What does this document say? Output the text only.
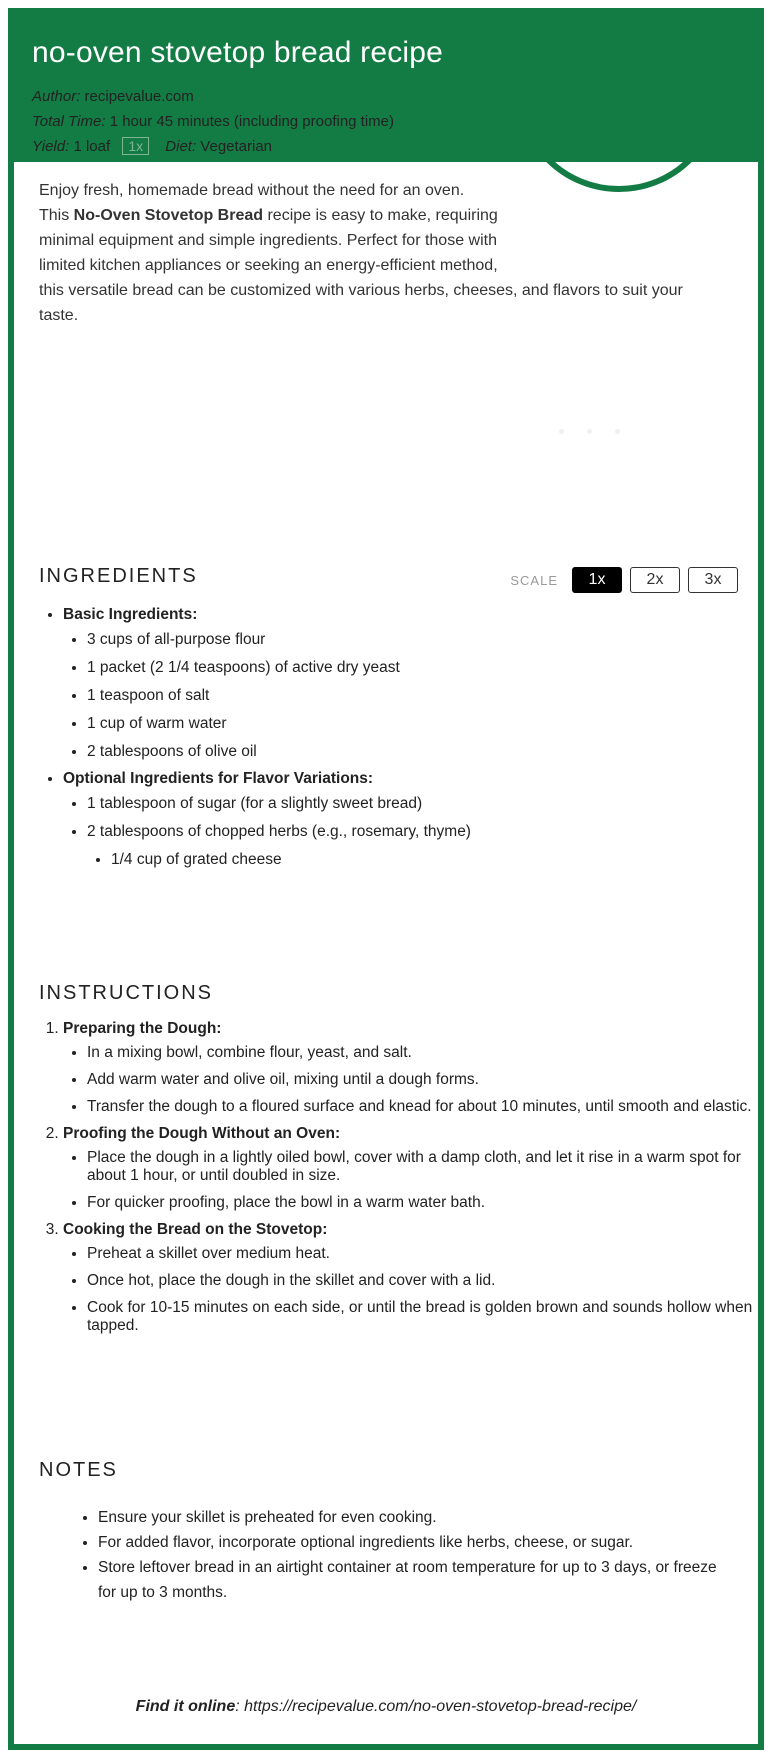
no-oven stovetop bread recipe
Author: recipevalue.com
Total Time: 1 hour 45 minutes (including proofing time)
Yield: 1 loaf 1x Diet: Vegetarian
Enjoy fresh, homemade bread without the need for an oven.
This No-Oven Stovetop Bread recipe is easy to make, requiring
minimal equipment and simple ingredients. Perfect for those with
limited kitchen appliances or seeking an energy-efficient method,
this versatile bread can be customized with various herbs, cheeses, and flavors to suit your taste.
INGREDIENTS	SCALE	1x	2x	3x
• Basic Ingredients:
• 3 cups of all-purpose flour
• 1 packet (2 1/4 teaspoons) of active dry yeast
• 1 teaspoon of salt
• 1 cup of warm water
• 2 tablespoons of olive oil
• Optional Ingredients for Flavor Variations:
• 1 tablespoon of sugar (for a slightly sweet bread)
• 2 tablespoons of chopped herbs (e.g., rosemary, thyme)
• 1/4 cup of grated cheese
INSTRUCTIONS
1. Preparing the Dough:
• In a mixing bowl, combine flour, yeast, and salt.
• Add warm water and olive oil, mixing until a dough forms.
• Transfer the dough to a floured surface and knead for about 10 minutes, until smooth and elastic.
2. Proofing the Dough Without an Oven:
• Place the dough in a lightly oiled bowl, cover with a damp cloth, and let it rise in a warm spot for about 1 hour, or until doubled in size.
• For quicker proofing, place the bowl in a warm water bath.
3. Cooking the Bread on the Stovetop:
• Preheat a skillet over medium heat.
• Once hot, place the dough in the skillet and cover with a lid.
• Cook for 10-15 minutes on each side, or until the bread is golden brown and sounds hollow when tapped.
NOTES
• Ensure your skillet is preheated for even cooking.
• For added flavor, incorporate optional ingredients like herbs, cheese, or sugar.
• Store leftover bread in an airtight container at room temperature for up to 3 days, or freeze for up to 3 months.
Find it online: https://recipevalue.com/no-oven-stovetop-bread-recipe/
